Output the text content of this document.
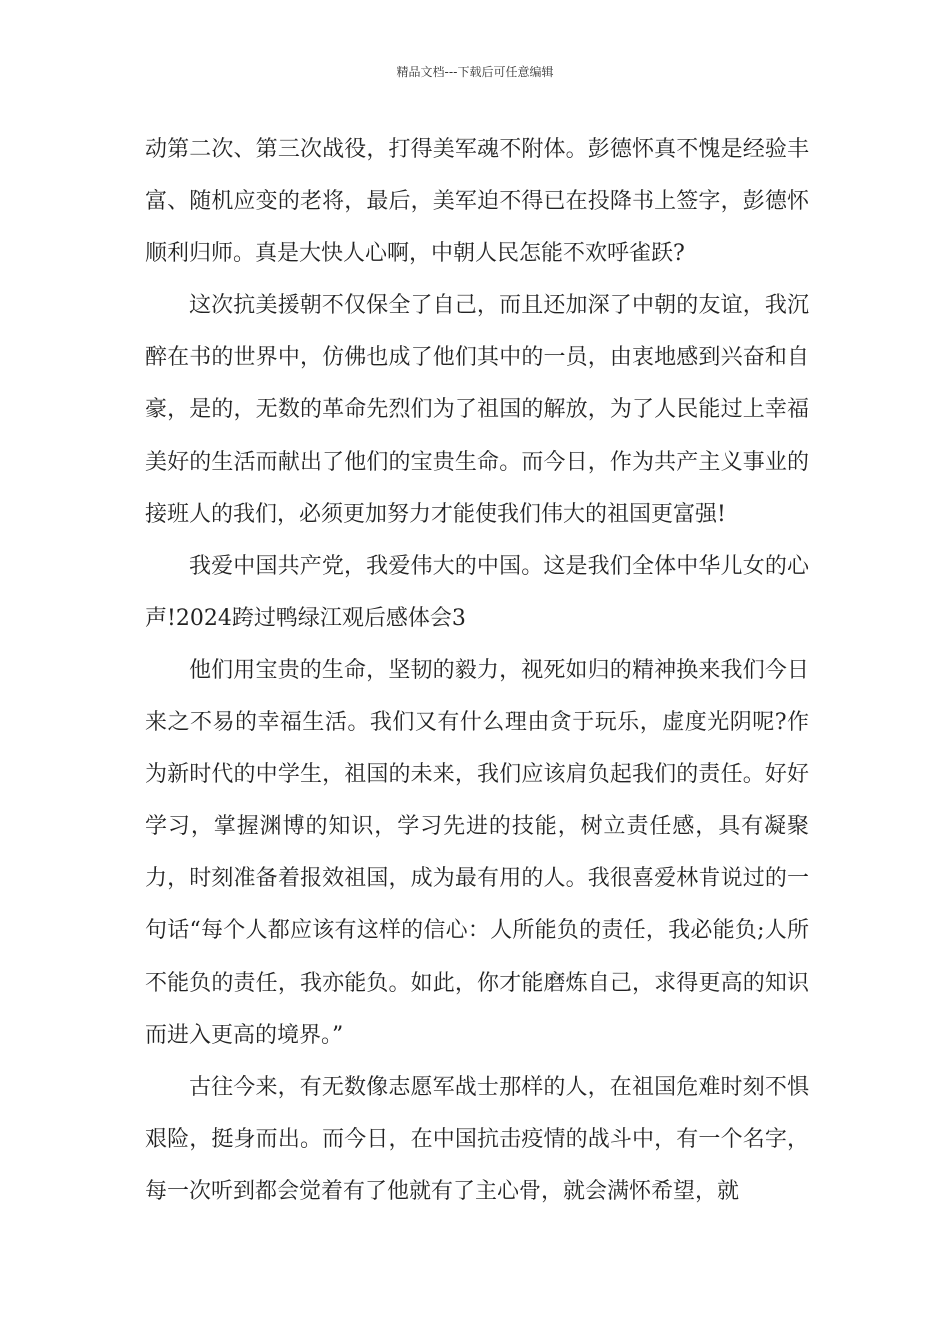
精品文档---下载后可任意编辑

动第二次、第三次战役，打得美军魂不附体。彭德怀真不愧是经验丰富、随机应变的老将，最后，美军迫不得已在投降书上签字，彭德怀顺利归师。真是大快人心啊，中朝人民怎能不欢呼雀跃?

这次抗美援朝不仅保全了自己，而且还加深了中朝的友谊，我沉醉在书的世界中，仿佛也成了他们其中的一员，由衷地感到兴奋和自豪，是的，无数的革命先烈们为了祖国的解放，为了人民能过上幸福美好的生活而献出了他们的宝贵生命。而今日，作为共产主义事业的接班人的我们，必须更加努力才能使我们伟大的祖国更富强!

我爱中国共产党，我爱伟大的中国。这是我们全体中华儿女的心声!2024跨过鸭绿江观后感体会3

他们用宝贵的生命，坚韧的毅力，视死如归的精神换来我们今日来之不易的幸福生活。我们又有什么理由贪于玩乐，虚度光阴呢?作为新时代的中学生，祖国的未来，我们应该肩负起我们的责任。好好学习，掌握渊博的知识，学习先进的技能，树立责任感，具有凝聚力，时刻准备着报效祖国，成为最有用的人。我很喜爱林肯说过的一句话“每个人都应该有这样的信心：人所能负的责任，我必能负;人所不能负的责任，我亦能负。如此，你才能磨炼自己，求得更高的知识而进入更高的境界。”

古往今来，有无数像志愿军战士那样的人，在祖国危难时刻不惧艰险，挺身而出。而今日，在中国抗击疫情的战斗中，有一个名字，每一次听到都会觉着有了他就有了主心骨，就会满怀希望，就
